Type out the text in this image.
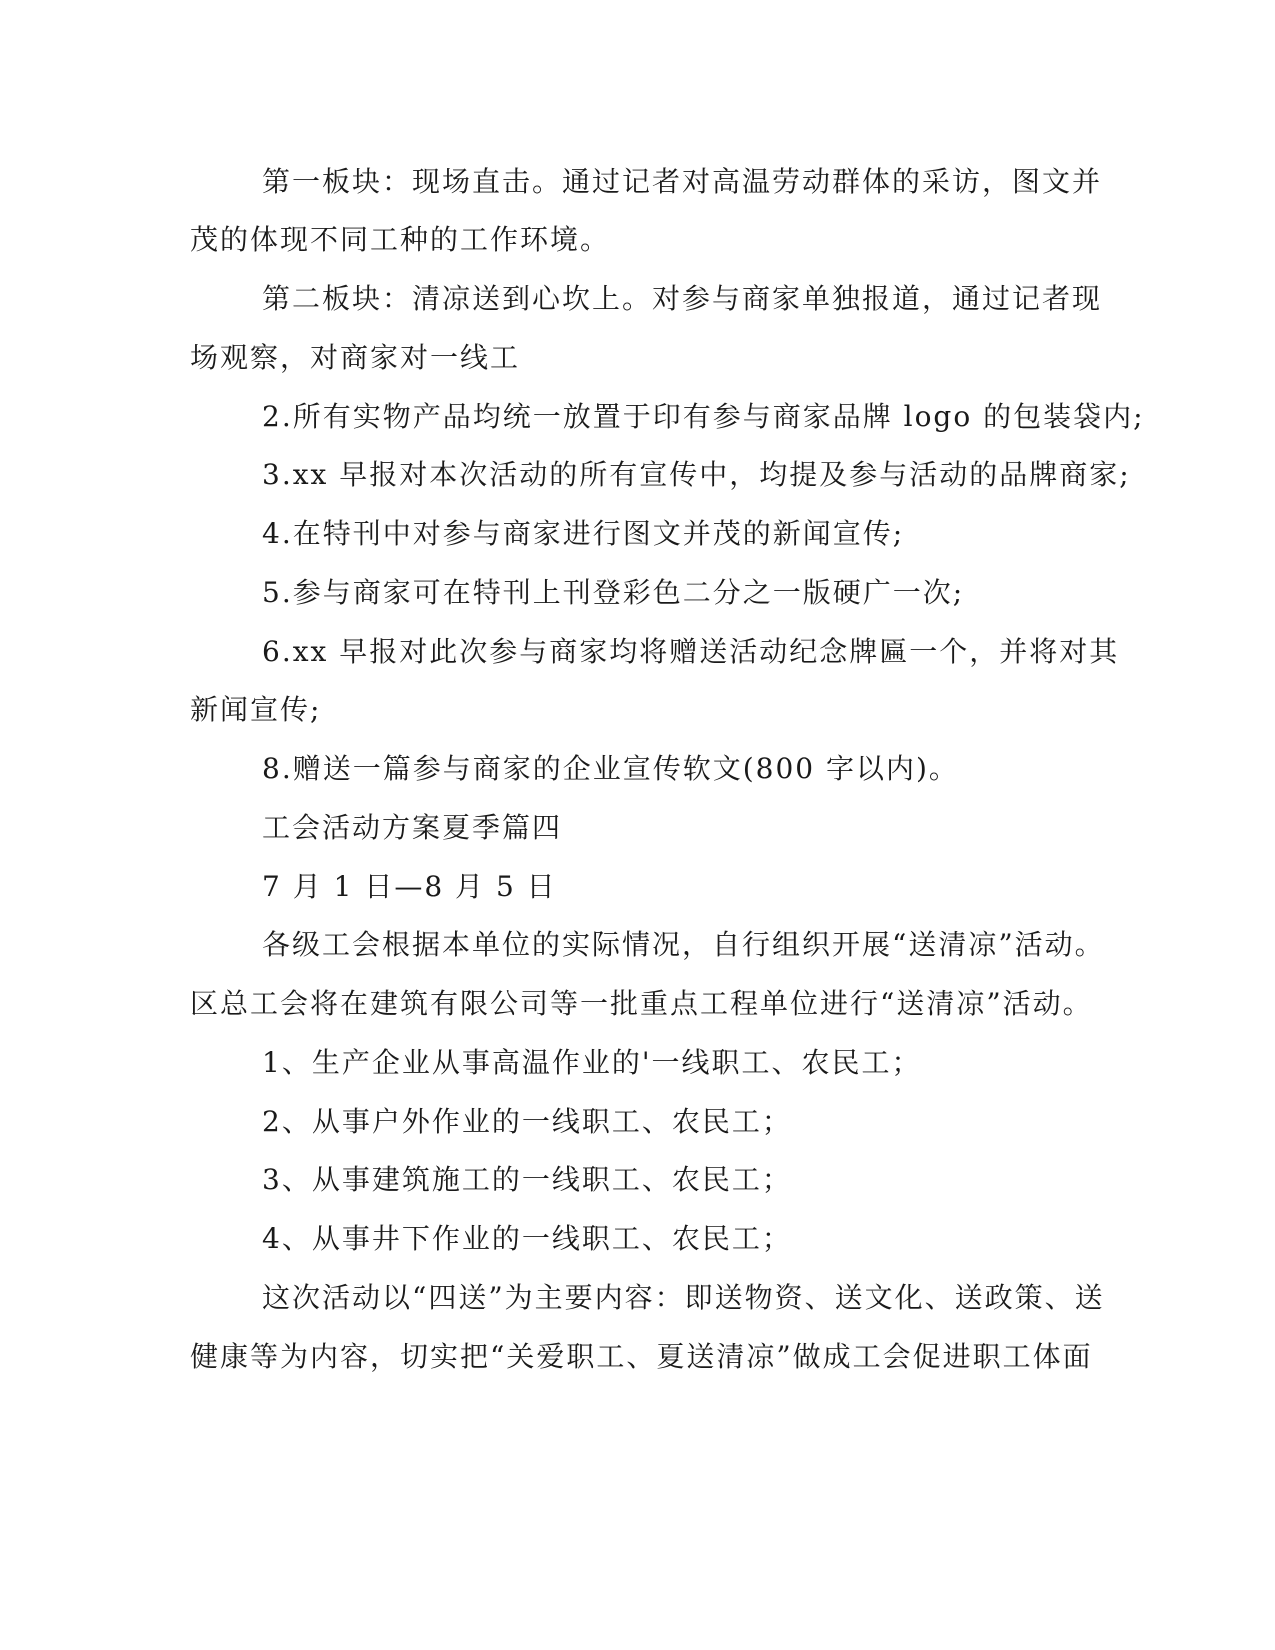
第一板块：现场直击。通过记者对高温劳动群体的采访，图文并
茂的体现不同工种的工作环境。
第二板块：清凉送到心坎上。对参与商家单独报道，通过记者现
场观察，对商家对一线工
2.所有实物产品均统一放置于印有参与商家品牌 logo 的包装袋内;
3.xx 早报对本次活动的所有宣传中，均提及参与活动的品牌商家;
4.在特刊中对参与商家进行图文并茂的新闻宣传;
5.参与商家可在特刊上刊登彩色二分之一版硬广一次;
6.xx 早报对此次参与商家均将赠送活动纪念牌匾一个，并将对其
新闻宣传;
8.赠送一篇参与商家的企业宣传软文(800 字以内)。
工会活动方案夏季篇四
7 月 1 日—8 月 5 日
各级工会根据本单位的实际情况，自行组织开展“送清凉”活动。
区总工会将在建筑有限公司等一批重点工程单位进行“送清凉”活动。
1、生产企业从事高温作业的'一线职工、农民工；
2、从事户外作业的一线职工、农民工；
3、从事建筑施工的一线职工、农民工；
4、从事井下作业的一线职工、农民工；
这次活动以“四送”为主要内容：即送物资、送文化、送政策、送
健康等为内容，切实把“关爱职工、夏送清凉”做成工会促进职工体面
